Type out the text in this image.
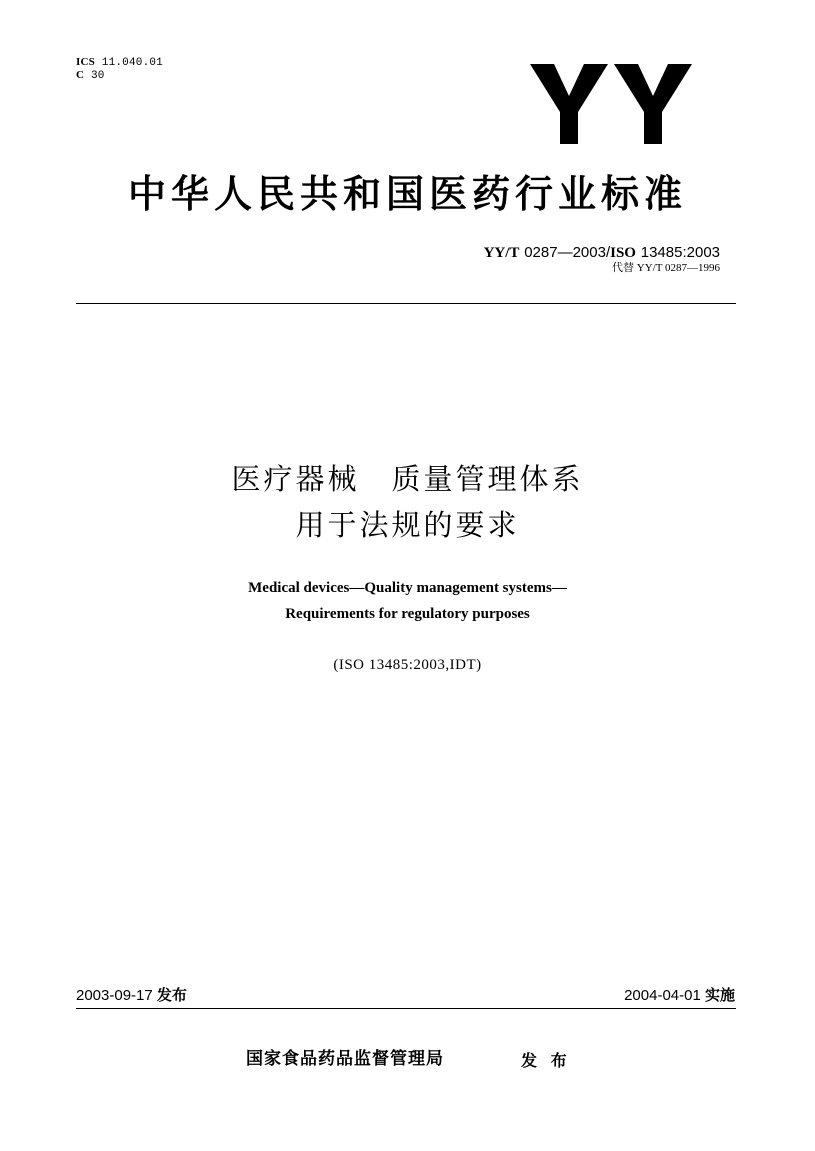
ICS 11.040.01
C 30
中华人民共和国医药行业标准
YY/T 0287—2003/ISO 13485:2003
代替 YY/T 0287—1996
医疗器械　质量管理体系
用于法规的要求
Medical devices—Quality management systems—
Requirements for regulatory purposes
(ISO 13485:2003,IDT)
2003-09-17 发布	2004-04-01 实施
国家食品药品监督管理局	发 布
